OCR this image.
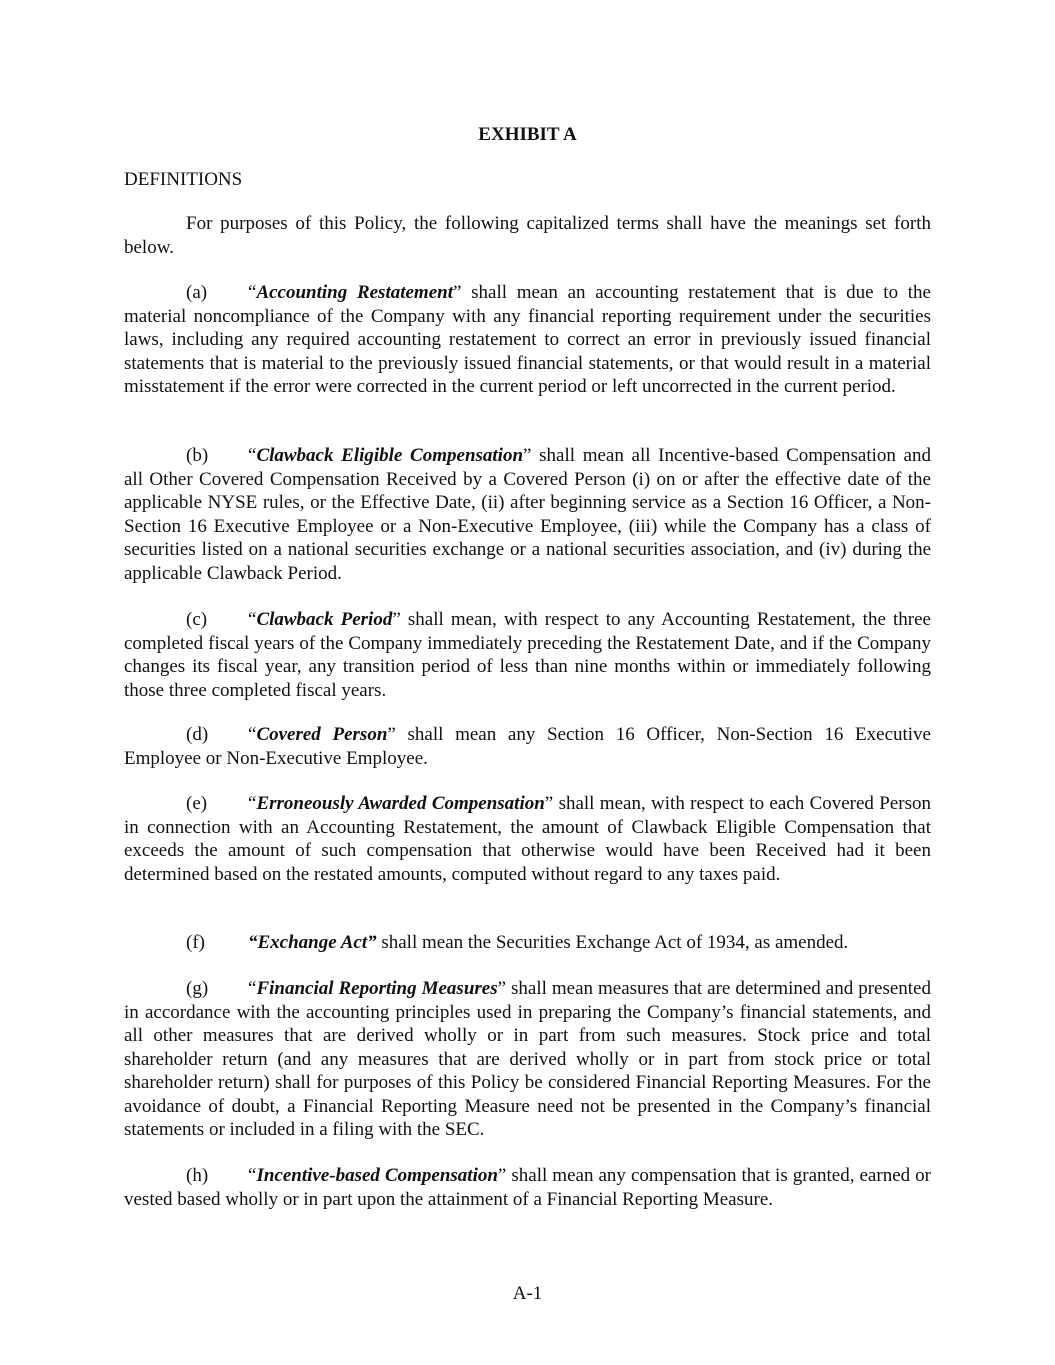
EXHIBIT A
DEFINITIONS

For purposes of this Policy, the following capitalized terms shall have the meanings set forth below.

(a) “Accounting Restatement” shall mean an accounting restatement that is due to the material noncompliance of the Company with any financial reporting requirement under the securities laws, including any required accounting restatement to correct an error in previously issued financial statements that is material to the previously issued financial statements, or that would result in a material misstatement if the error were corrected in the current period or left uncorrected in the current period.

(b) “Clawback Eligible Compensation” shall mean all Incentive-based Compensation and all Other Covered Compensation Received by a Covered Person (i) on or after the effective date of the applicable NYSE rules, or the Effective Date, (ii) after beginning service as a Section 16 Officer, a Non-Section 16 Executive Employee or a Non-Executive Employee, (iii) while the Company has a class of securities listed on a national securities exchange or a national securities association, and (iv) during the applicable Clawback Period.

(c) “Clawback Period” shall mean, with respect to any Accounting Restatement, the three completed fiscal years of the Company immediately preceding the Restatement Date, and if the Company changes its fiscal year, any transition period of less than nine months within or immediately following those three completed fiscal years.

(d) “Covered Person” shall mean any Section 16 Officer, Non-Section 16 Executive Employee or Non-Executive Employee.

(e) “Erroneously Awarded Compensation” shall mean, with respect to each Covered Person in connection with an Accounting Restatement, the amount of Clawback Eligible Compensation that exceeds the amount of such compensation that otherwise would have been Received had it been determined based on the restated amounts, computed without regard to any taxes paid.

(f) “Exchange Act” shall mean the Securities Exchange Act of 1934, as amended.

(g) “Financial Reporting Measures” shall mean measures that are determined and presented in accordance with the accounting principles used in preparing the Company’s financial statements, and all other measures that are derived wholly or in part from such measures. Stock price and total shareholder return (and any measures that are derived wholly or in part from stock price or total shareholder return) shall for purposes of this Policy be considered Financial Reporting Measures. For the avoidance of doubt, a Financial Reporting Measure need not be presented in the Company’s financial statements or included in a filing with the SEC.

(h) “Incentive-based Compensation” shall mean any compensation that is granted, earned or vested based wholly or in part upon the attainment of a Financial Reporting Measure.

A-1
